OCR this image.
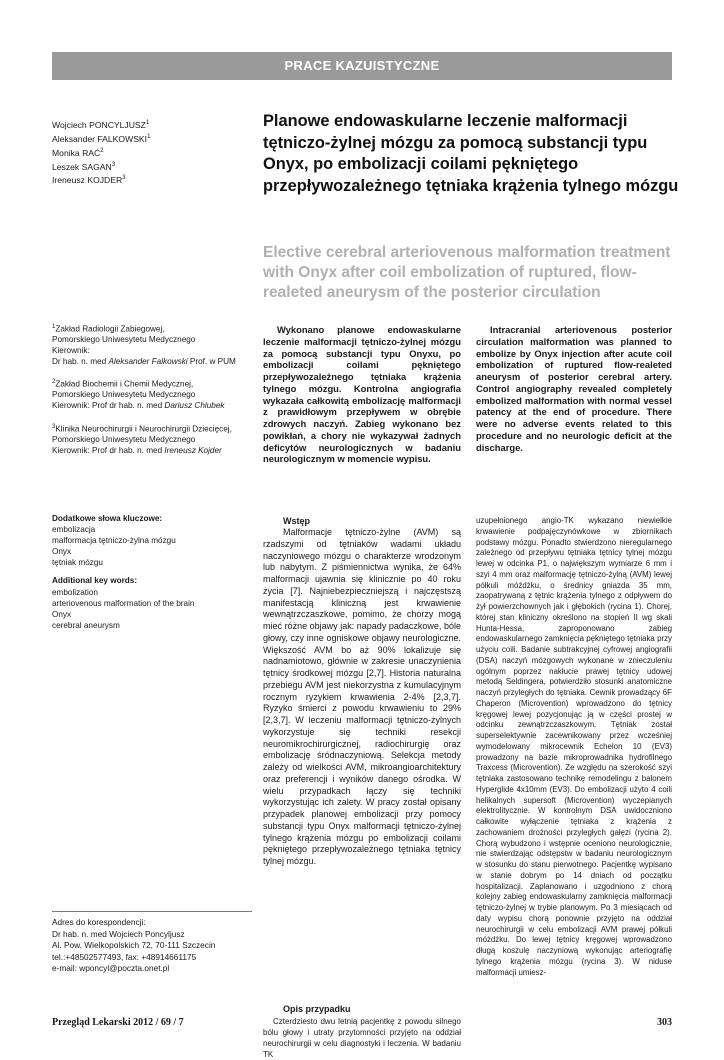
PRACE KAZUISTYCZNE
Wojciech PONCYLJUSZ$^1$
Aleksander FALKOWSKI$^1$
Monika RAĆ$^2$
Leszek SAGAN$^3$
Ireneusz KOJDER$^3$
Planowe endowaskularne leczenie malformacji tętniczo-żylnej mózgu za pomocą substancji typu Onyx, po embolizacji coilami pękniętego przepływozależnego tętniaka krążenia tylnego mózgu
Elective cerebral arteriovenous malformation treatment with Onyx after coil embolization of ruptured, flow-realeted aneurysm of the posterior circulation

$^1$Zakład Radiologii Zabiegowej,
Pomorskiego Uniwesytetu Medycznego
Kierownik:
Dr hab. n. med Aleksander Falkowski Prof. w PUM

$^2$Zakład Biochemii i Chemii Medycznej,
Pomorskiego Uniwesytetu Medycznego
Kierownik: Prof dr hab. n. med Dariusz Chlubek

$^3$Klinika Neurochirurgii i Neurochirurgii Dziecięcej,
Pomorskiego Uniwesytetu Medycznego
Kierownik: Prof dr hab. n. med Ireneusz Kojder

Dodatkowe słowa kluczowe:
embolizacja
malformacja tętniczo-żylna mózgu
Onyx
tętniak mózgu
Additional key words:
embolization
arteriovenous malformation of the brain
Onyx
cerebral aneurysm
Adres do korespondencji:
Dr hab. n. med Wojciech Poncyljusz
Al. Pow. Wielkopolskich 72, 70-111 Szczecin
tel.:+48502577493, fax: +48914661175
e-mail: wponcyl@poczta.onet.pl
Wykonano planowe endowaskularne leczenie malformacji tętniczo-żylnej mózgu za pomocą substancji typu Onyxu, po embolizacji coilami pękniętego przepływozależnego tętniaka krążenia tylnego mózgu. Kontrolna angiografia wykazała całkowitą embolizację malformacji z prawidłowym przepływem w obrębie zdrowych naczyń. Zabieg wykonano bez powikłań, a chory nie wykazywał żadnych deficytów neurologicznych w badaniu neurologicznym w momencie wypisu.
Intracranial arteriovenous posterior circulation malformation was planned to embolize by Onyx injection after acute coil embolization of ruptured flow-realeted aneurysm of posterior cerebral artery. Control angiography revealed completely embolized malformation with normal vessel patency at the end of procedure. There were no adverse events related to this procedure and no neurologic deficit at the discharge.
Wstęp

Malformacje tętniczo-żylne (AVM) są rzadszymi od tętniaków wadami układu naczyniowego mózgu o charakterze wrodzonym lub nabytym. Z piśmiennictwa wynika, że 64% malformacji ujawnia się klinicznie po 40 roku życia [7]. Najniebezpieczniejszą i najczęstszą manifestacją kliniczną jest krwawienie wewnątrzczaszkowe, pomimo, że chorzy mogą mieć różne objawy jak: napady padaczkowe, bóle głowy, czy inne ogniskowe objawy neurologiczne. Większość AVM bo aż 90% lokalizuje się nadnamiotowo, głównie w zakresie unaczynienia tętnicy środkowej mózgu [2,7]. Historia naturalna przebiegu AVM jest niekorzystna z kumulacyjnym rocznym ryzykiem krwawienia 2-4% [2,3,7]. Ryzyko śmierci z powodu krwawieniu to 29% [2,3,7]. W leczeniu malformacji tętniczo-żylnych wykorzystuje się techniki resekcji neuromikrochirurgicznej, radiochirurgię oraz embolizację śródnaczyniową. Selekcja metody zależy od wielkości AVM, mikroangioarchitektury oraz preferencji i wyników danego ośrodka. W wielu przypadkach łączy się techniki wykorzystując ich zalety. W pracy został opisany przypadek planowej embolizacji przy pomocy substancji typu Onyx malformacji tętniczo-żylnej tylnego krążenia mózgu po embolizacji coilami pękniętego przepływozależnego tętniaka tętnicy tylnej mózgu.

Opis przypadku
Czterdziesto dwu letnią pacjentkę z powodu silnego bólu głowy i utraty przytomności przyjęto na oddział neurochirurgii w celu diagnostyki i leczenia. W badaniu TK
uzupełnionego angio-TK wykazano niewielkie krwawienie podpajęczynówkowe w zbiornikach podstawy mózgu. Ponadto stwierdzono nieregularnego zależnego od przepływu tętniaka tętnicy tylnej mózgu lewej w odcinka P1, o największym wymiarze 6 mm i szyi 4 mm oraz malformację tętniczo-żylną (AVM) lewej półkuli móżdżku, o średnicy gniazda 35 mm, zaopatrywaną z tętnic krążenia tylnego z odpływem do żył powierzchownych jak i głębokich (rycina 1). Chorej, której stan kliniczny określono na stopień II wg skali Hunta-Hessa, zaproponowano zabieg endowaskularnego zamknięcia pękniętego tętniaka przy użyciu coili. Badanie subtrakcyjnej cyfrowej angiografii (DSA) naczyń mózgowych wykonane w znieczuleniu ogólnym poprzez nakłucie prawej tętnicy udowej metodą Seldingera, potwierdziło stosunki anatomiczne naczyń przyległych do tętniaka. Cewnik prowadzący 6F Chaperon (Microvention) wprowadzono do tętnicy kręgowej lewej pozycjonując ją w części prostej w odcinku zewnątrzczaszkowym. Tętniak został superselektywnie zacewnikowany przez wcześniej wymodelowany mikrocewnik Echelon 10 (EV3) prowadzony na bazie mikroprowadnika hydrofilnego Traxcess (Microvention). Ze względu na szerokość szyi tętniaka zastosowano technikę remodelingu z balonem Hyperglide 4x10mm (EV3). Do embolizacji użyto 4 coili helikalnych supersoft (Microvention) wyczepianych elektrolitycznie. W kontrolnym DSA uwidoczniono całkowite wyłączenie tętniaka z krążenia z zachowaniem drożności przyległych gałęzi (rycina 2). Chorą wybudzono i wstępnie oceniono neurologicznie, nie stwierdzając odstępstw w badaniu neurologicznym w stosunku do stanu pierwotnego. Pacjentkę wypisano w stanie dobrym po 14 dniach od początku hospitalizacji. Zaplanowano i uzgodniono z chorą kolejny zabieg endowaskularny zamknięcia malformacji tętniczo-żylnej w trybie planowym. Po 3 miesiącach od daty wypisu chorą ponownie przyjęto na oddział neurochirurgii w celu embolizacji AVM prawej półkuli móżdżku. Do lewej tętnicy kręgowej wprowadzono długą koszulę naczyniową wykonując arteriografię tylnego krążenia mózgu (rycina 3). W niduse malformacji umiesz-
Przegląd Lekarski 2012 / 69 / 7	303
